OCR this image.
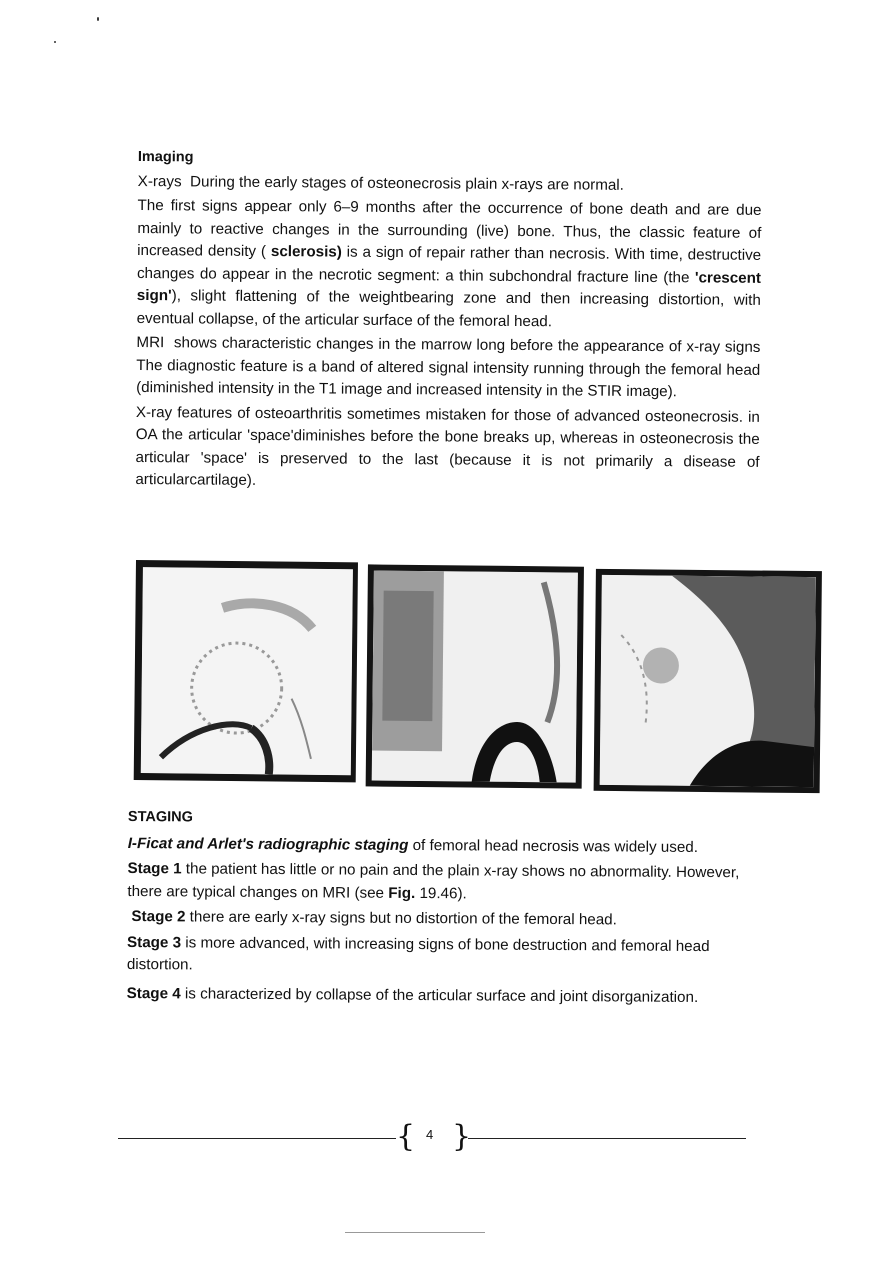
Imaging

X-rays During the early stages of osteonecrosis plain x-rays are normal.

The first signs appear only 6–9 months after the occurrence of bone death and are due mainly to reactive changes in the surrounding (live) bone. Thus, the classic feature of increased density ( sclerosis) is a sign of repair rather than necrosis. With time, destructive changes do appear in the necrotic segment: a thin subchondral fracture line (the 'crescent sign'), slight flattening of the weightbearing zone and then increasing distortion, with eventual collapse, of the articular surface of the femoral head.

MRI shows characteristic changes in the marrow long before the appearance of x-ray signs The diagnostic feature is a band of altered signal intensity running through the femoral head (diminished intensity in the T1 image and increased intensity in the STIR image).

X-ray features of osteoarthritis sometimes mistaken for those of advanced osteonecrosis. in OA the articular 'space'diminishes before the bone breaks up, whereas in osteonecrosis the articular 'space' is preserved to the last (because it is not primarily a disease of articularcartilage).

STAGING

I-Ficat and Arlet's radiographic staging of femoral head necrosis was widely used.

Stage 1 the patient has little or no pain and the plain x-ray shows no abnormality. However, there are typical changes on MRI (see Fig. 19.46).

Stage 2 there are early x-ray signs but no distortion of the femoral head.

Stage 3 is more advanced, with increasing signs of bone destruction and femoral head distortion.

Stage 4 is characterized by collapse of the articular surface and joint disorganization.

{ 4 }
